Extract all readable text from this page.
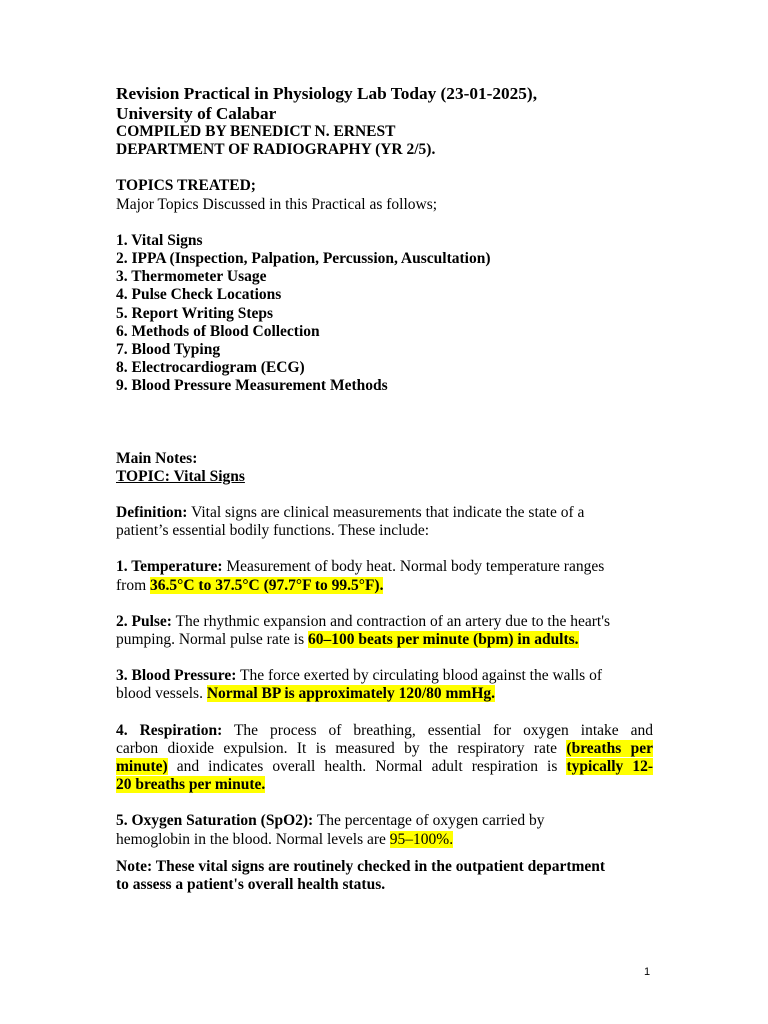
Revision Practical in Physiology Lab Today (23-01-2025),
University of Calabar
COMPILED BY BENEDICT N. ERNEST
DEPARTMENT OF RADIOGRAPHY (YR 2/5).
TOPICS TREATED;
Major Topics Discussed in this Practical as follows;
1. Vital Signs
2. IPPA (Inspection, Palpation, Percussion, Auscultation)
3. Thermometer Usage
4. Pulse Check Locations
5. Report Writing Steps
6. Methods of Blood Collection
7. Blood Typing
8. Electrocardiogram (ECG)
9. Blood Pressure Measurement Methods
Main Notes:
TOPIC: Vital Signs
Definition: Vital signs are clinical measurements that indicate the state of a
patient’s essential bodily functions. These include:
1. Temperature: Measurement of body heat. Normal body temperature ranges
from 36.5°C to 37.5°C (97.7°F to 99.5°F).
2. Pulse: The rhythmic expansion and contraction of an artery due to the heart's
pumping. Normal pulse rate is 60–100 beats per minute (bpm) in adults.
3. Blood Pressure: The force exerted by circulating blood against the walls of
blood vessels. Normal BP is approximately 120/80 mmHg.
4. Respiration: The process of breathing, essential for oxygen intake and
carbon dioxide expulsion. It is measured by the respiratory rate (breaths per
minute) and indicates overall health. Normal adult respiration is typically 12-
20 breaths per minute.
5. Oxygen Saturation (SpO2): The percentage of oxygen carried by
hemoglobin in the blood. Normal levels are 95–100%.
Note: These vital signs are routinely checked in the outpatient department
to assess a patient's overall health status.
1
